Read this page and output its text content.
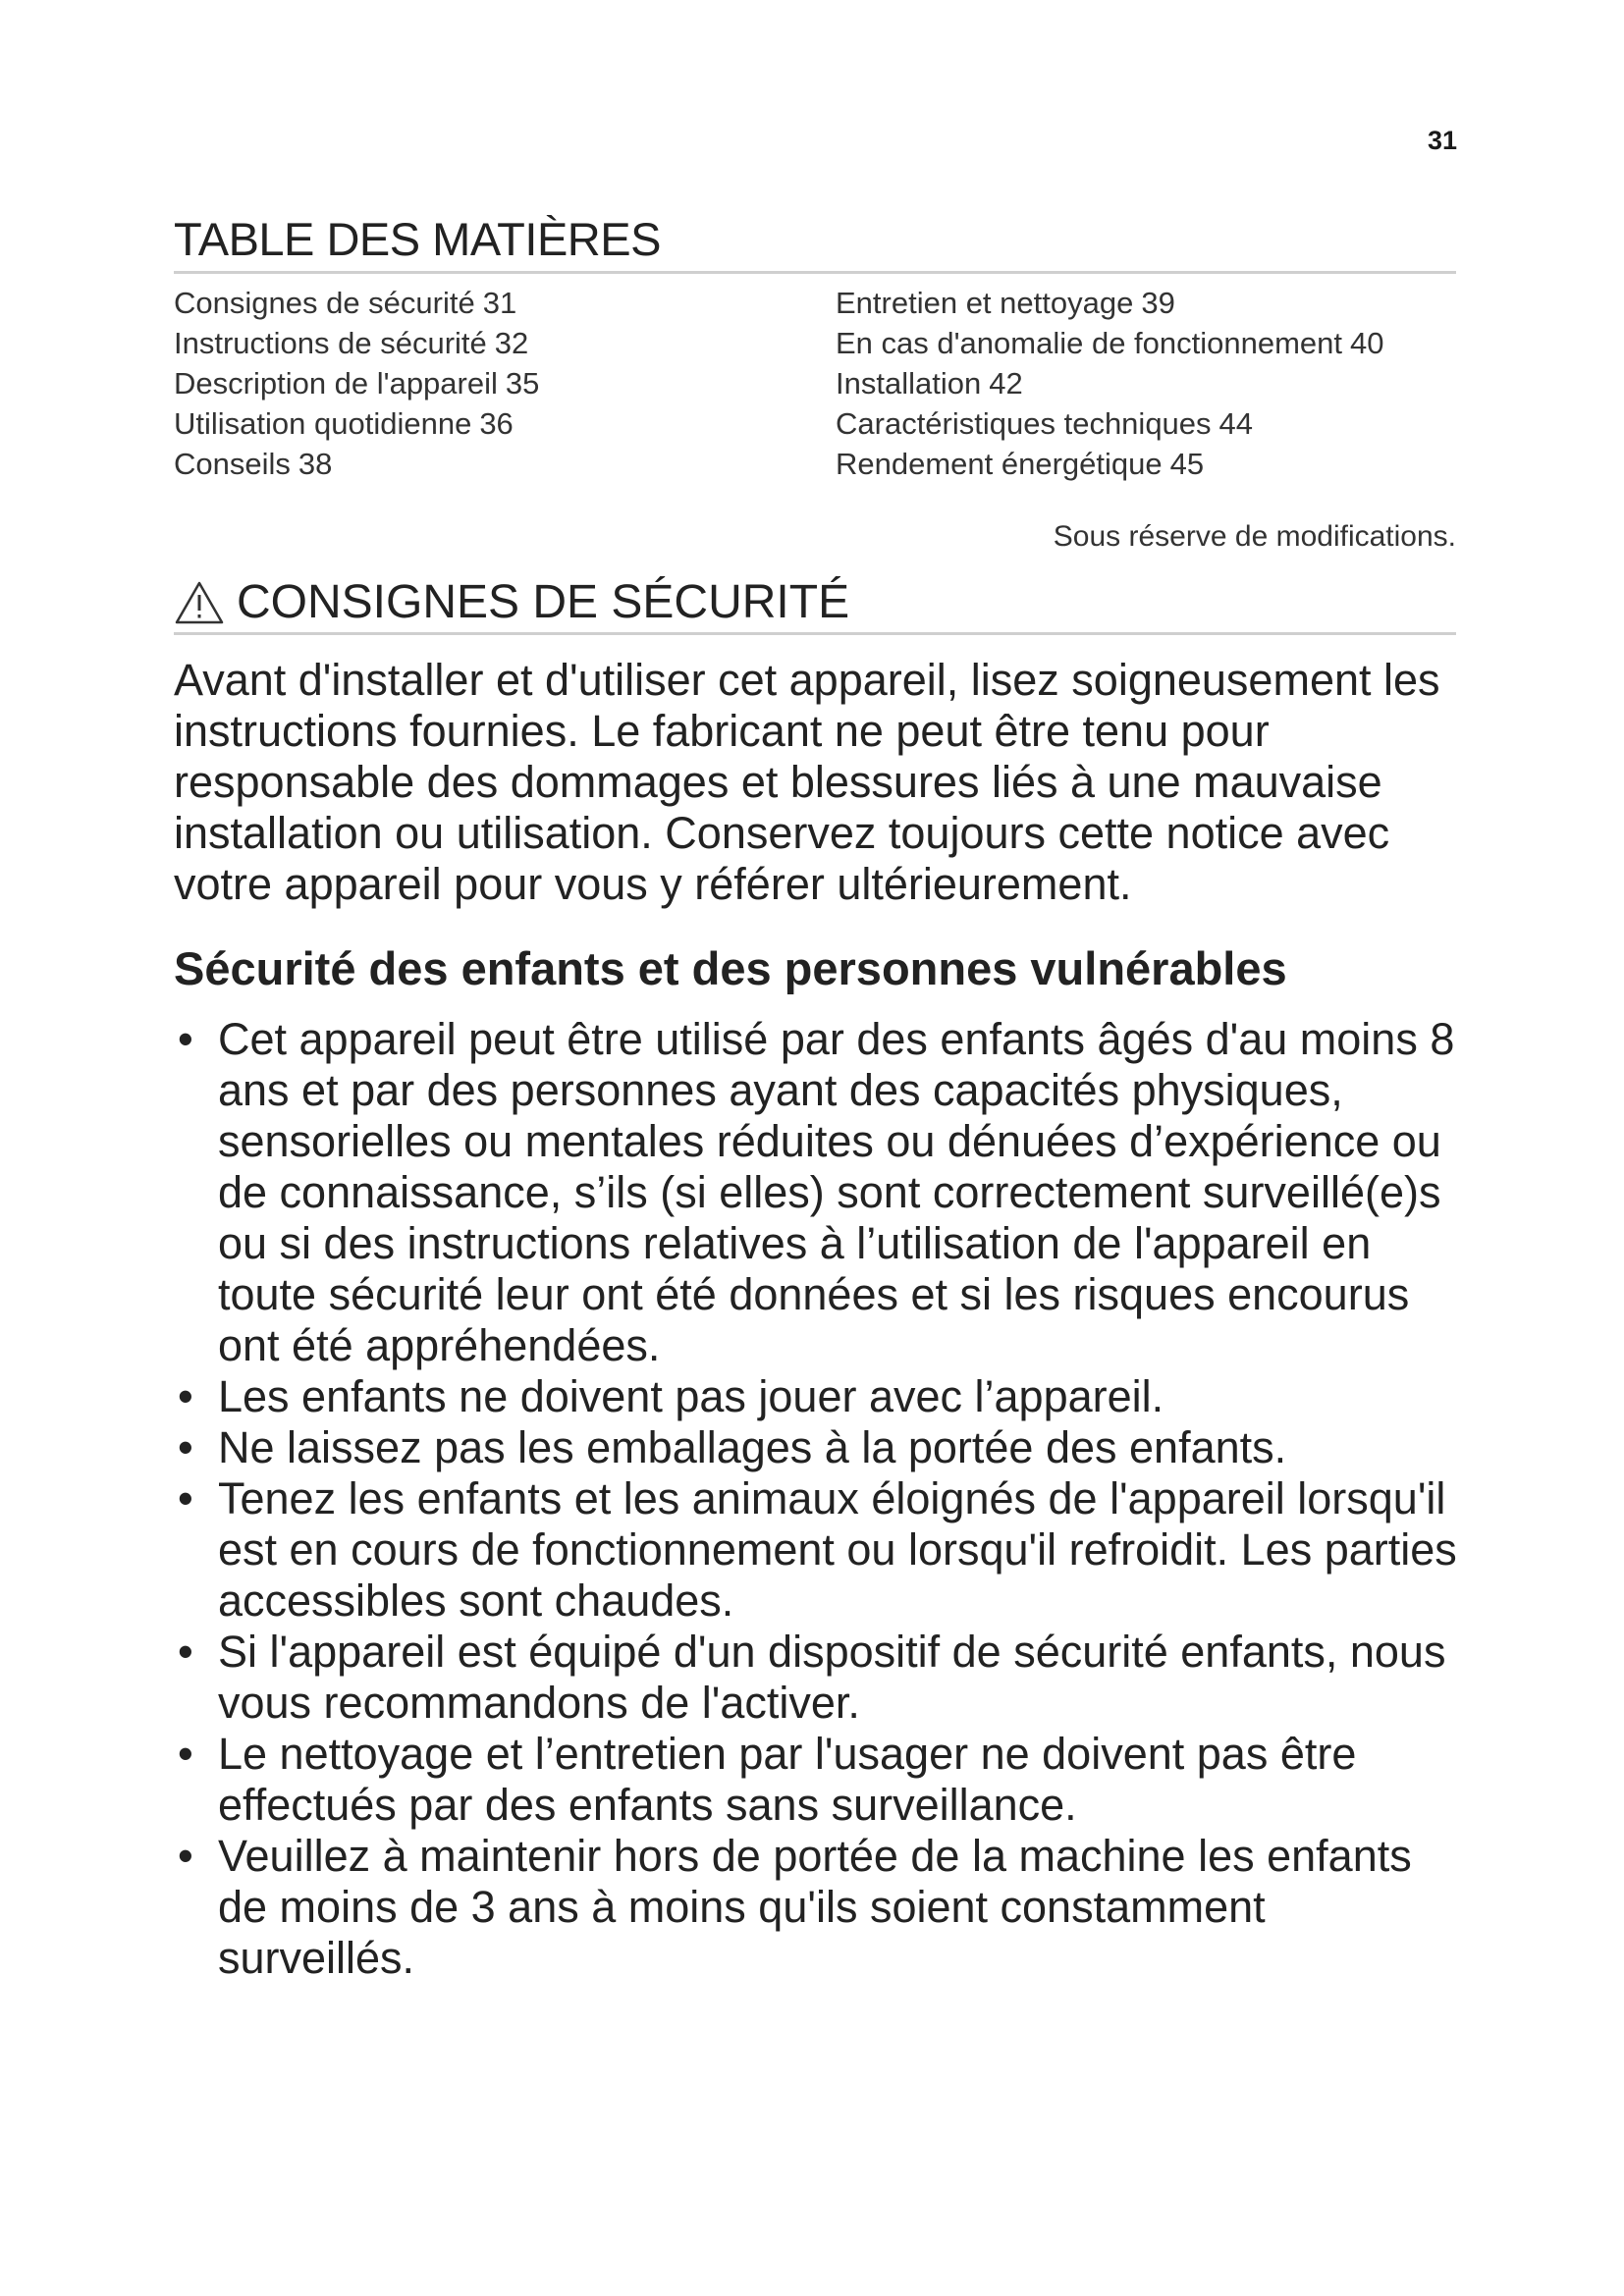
31
TABLE DES MATIÈRES
Consignes de sécurité 31
Instructions de sécurité 32
Description de l'appareil 35
Utilisation quotidienne 36
Conseils 38
Entretien et nettoyage 39
En cas d'anomalie de fonctionnement 40
Installation 42
Caractéristiques techniques 44
Rendement énergétique 45
Sous réserve de modifications.
CONSIGNES DE SÉCURITÉ

Avant d'installer et d'utiliser cet appareil, lisez soigneusement les instructions fournies. Le fabricant ne peut être tenu pour responsable des dommages et blessures liés à une mauvaise installation ou utilisation. Conservez toujours cette notice avec votre appareil pour vous y référer ultérieurement.

Sécurité des enfants et des personnes vulnérables
• Cet appareil peut être utilisé par des enfants âgés d'au moins 8 ans et par des personnes ayant des capacités physiques, sensorielles ou mentales réduites ou dénuées d’expérience ou de connaissance, s’ils (si elles) sont correctement surveillé(e)s ou si des instructions relatives à l’utilisation de l'appareil en toute sécurité leur ont été données et si les risques encourus ont été appréhendées.
• Les enfants ne doivent pas jouer avec l’appareil.
• Ne laissez pas les emballages à la portée des enfants.
• Tenez les enfants et les animaux éloignés de l'appareil lorsqu'il est en cours de fonctionnement ou lorsqu'il refroidit. Les parties accessibles sont chaudes.
• Si l'appareil est équipé d'un dispositif de sécurité enfants, nous vous recommandons de l'activer.
• Le nettoyage et l’entretien par l'usager ne doivent pas être effectués par des enfants sans surveillance.
• Veuillez à maintenir hors de portée de la machine les enfants de moins de 3 ans à moins qu'ils soient constamment surveillés.
